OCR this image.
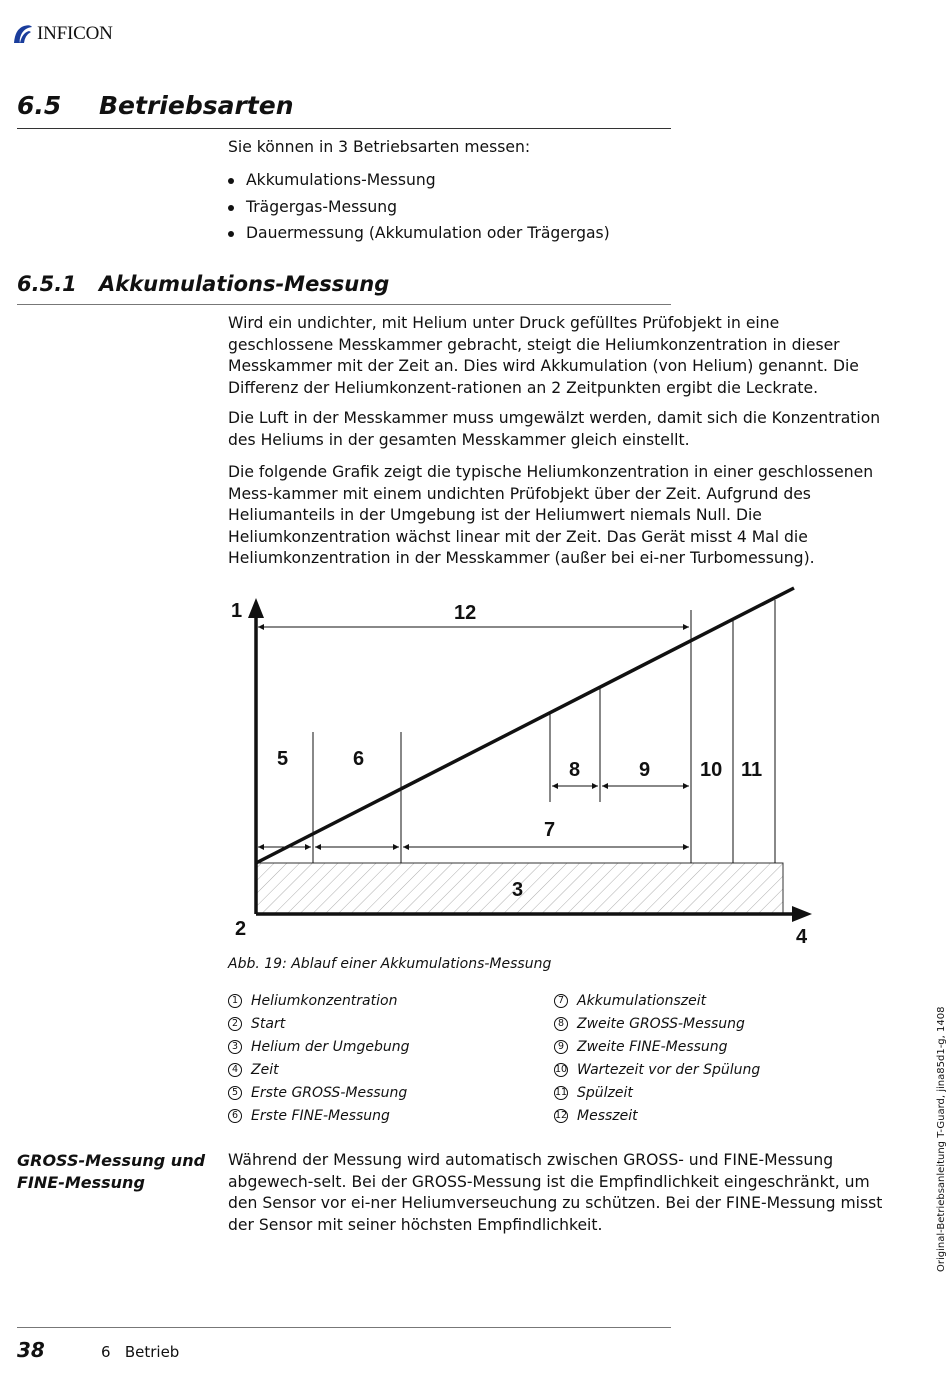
INFICON
6.5 Betriebsarten
Sie können in 3 Betriebsarten messen:
Akkumulations-Messung
Trägergas-Messung
Dauermessung (Akkumulation oder Trägergas)
6.5.1 Akkumulations-Messung
Wird ein undichter, mit Helium unter Druck gefülltes Prüfobjekt in eine geschlossene Messkammer gebracht, steigt die Heliumkonzentration in dieser Messkammer mit der Zeit an. Dies wird Akkumulation (von Helium) genannt. Die Differenz der Heliumkonzent-rationen an 2 Zeitpunkten ergibt die Leckrate.
Die Luft in der Messkammer muss umgewälzt werden, damit sich die Konzentration des Heliums in der gesamten Messkammer gleich einstellt.
Die folgende Grafik zeigt die typische Heliumkonzentration in einer geschlossenen Mess-kammer mit einem undichten Prüfobjekt über der Zeit. Aufgrund des Heliumanteils in der Umgebung ist der Heliumwert niemals Null. Die Heliumkonzentration wächst linear mit der Zeit. Das Gerät misst 4 Mal die Heliumkonzentration in der Messkammer (außer bei ei-ner Turbomessung).
1	12
5	6	8	9 10 11
7
3
2	4
Abb. 19: Ablauf einer Akkumulations-Messung
1 Heliumkonzentration
2 Start
3 Helium der Umgebung
4 Zeit
5 Erste GROSS-Messung
6 Erste FINE-Messung
7 Akkumulationszeit
8 Zweite GROSS-Messung
9 Zweite FINE-Messung
10 Wartezeit vor der Spülung
11 Spülzeit
12 Messzeit
GROSS-Messung und FINE-Messung
Während der Messung wird automatisch zwischen GROSS- und FINE-Messung abgewech-selt. Bei der GROSS-Messung ist die Empfindlichkeit eingeschränkt, um den Sensor vor ei-ner Heliumverseuchung zu schützen. Bei der FINE-Messung misst der Sensor mit seiner höchsten Empfindlichkeit.
38	6   Betrieb
Original-Betriebsanleitung T-Guard, jina85d1-g, 1408
